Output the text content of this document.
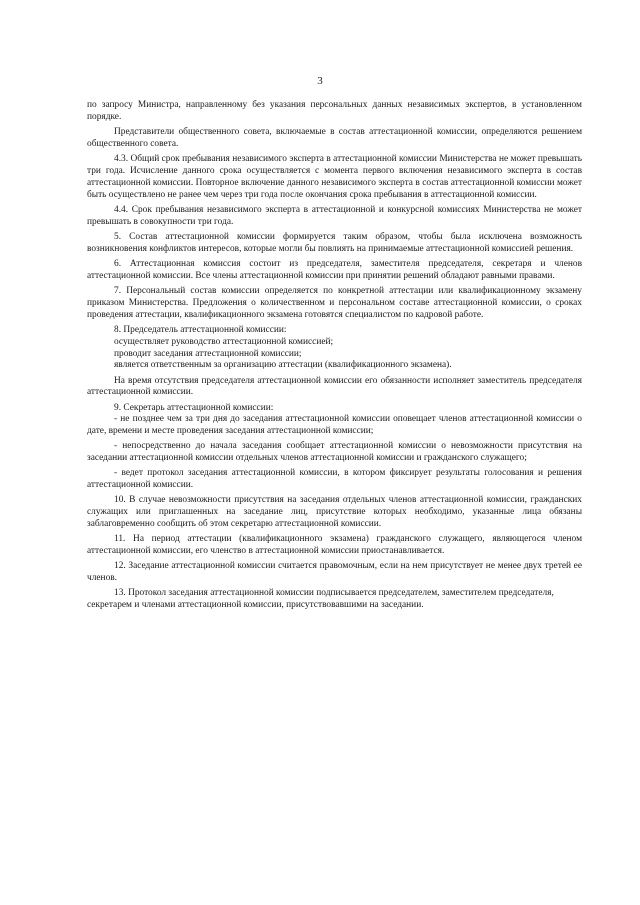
3

по запросу Министра, направленному без указания персональных данных независимых экспертов, в установленном порядке.

Представители общественного совета, включаемые в состав аттестационной комиссии, определяются решением общественного совета.

4.3. Общий срок пребывания независимого эксперта в аттестационной комиссии Министерства не может превышать три года. Исчисление данного срока осуществляется с момента первого включения независимого эксперта в состав аттестационной комиссии. Повторное включение данного независимого эксперта в состав аттестационной комиссии может быть осуществлено не ранее чем через три года после окончания срока пребывания в аттестационной комиссии.

4.4. Срок пребывания независимого эксперта в аттестационной и конкурсной комиссиях Министерства не может превышать в совокупности три года.

5. Состав аттестационной комиссии формируется таким образом, чтобы была исключена возможность возникновения конфликтов интересов, которые могли бы повлиять на принимаемые аттестационной комиссией решения.

6. Аттестационная комиссия состоит из председателя, заместителя председателя, секретаря и членов аттестационной комиссии. Все члены аттестационной комиссии при принятии решений обладают равными правами.

7. Персональный состав комиссии определяется по конкретной аттестации или квалификационному экзамену приказом Министерства. Предложения о количественном и персональном составе аттестационной комиссии, о сроках проведения аттестации, квалификационного экзамена готовятся специалистом по кадровой работе.

8. Председатель аттестационной комиссии:

осуществляет руководство аттестационной комиссией;

проводит заседания аттестационной комиссии;

является ответственным за организацию аттестации (квалификационного экзамена).

На время отсутствия председателя аттестационной комиссии его обязанности исполняет заместитель председателя аттестационной комиссии.

9. Секретарь аттестационной комиссии:

- не позднее чем за три дня до заседания аттестационной комиссии оповещает членов аттестационной комиссии о дате, времени и месте проведения заседания аттестационной комиссии;

- непосредственно до начала заседания сообщает аттестационной комиссии о невозможности присутствия на заседании аттестационной комиссии отдельных членов аттестационной комиссии и гражданского служащего;

- ведет протокол заседания аттестационной комиссии, в котором фиксирует результаты голосования и решения аттестационной комиссии.

10. В случае невозможности присутствия на заседания отдельных членов аттестационной комиссии, гражданских служащих или приглашенных на заседание лиц, присутствие которых необходимо, указанные лица обязаны заблаговременно сообщить об этом секретарю аттестационной комиссии.

11. На период аттестации (квалификационного экзамена) гражданского служащего, являющегося членом аттестационной комиссии, его членство в аттестационной комиссии приостанавливается.

12. Заседание аттестационной комиссии считается правомочным, если на нем присутствует не менее двух третей ее членов.

13. Протокол заседания аттестационной комиссии подписывается председателем, заместителем председателя, секретарем и членами аттестационной комиссии, присутствовавшими на заседании.
